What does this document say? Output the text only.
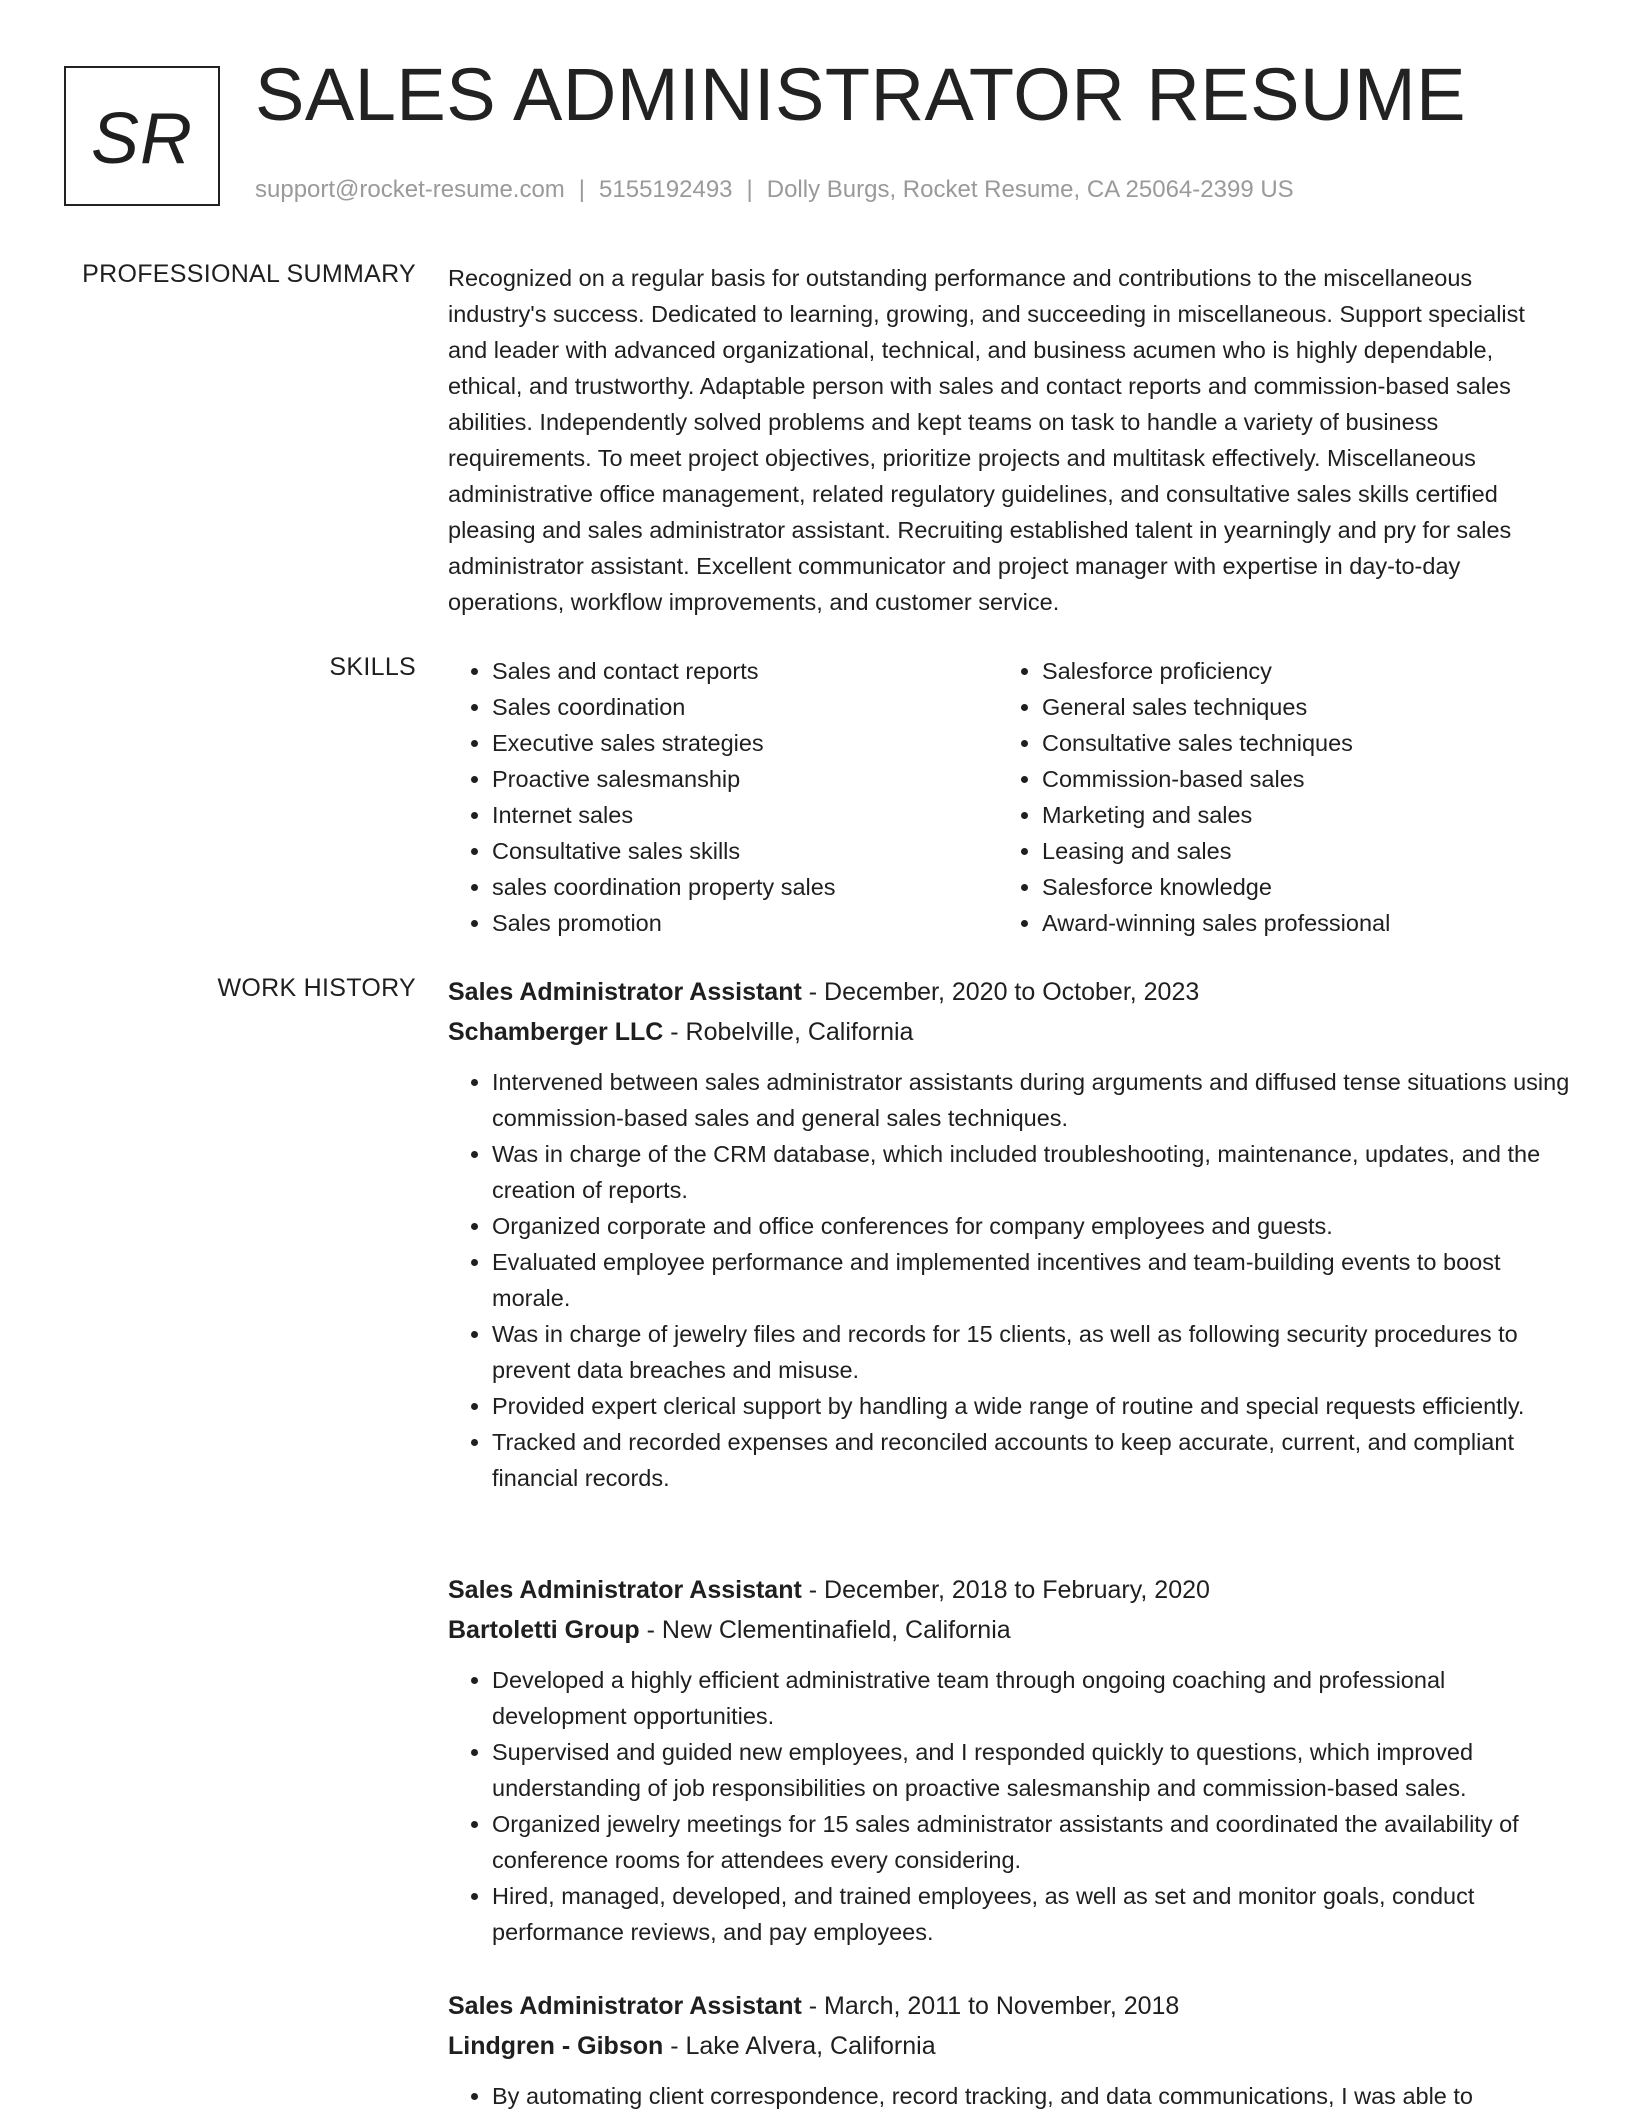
SR
SALES ADMINISTRATOR RESUME
support@rocket-resume.com | 5155192493 | Dolly Burgs, Rocket Resume, CA 25064-2399 US
PROFESSIONAL SUMMARY Recognized on a regular basis for outstanding performance and contributions to the miscellaneous industry's success. Dedicated to learning, growing, and succeeding in miscellaneous. Support specialist and leader with advanced organizational, technical, and business acumen who is highly dependable, ethical, and trustworthy. Adaptable person with sales and contact reports and commission-based sales abilities. Independently solved problems and kept teams on task to handle a variety of business requirements. To meet project objectives, prioritize projects and multitask effectively. Miscellaneous administrative office management, related regulatory guidelines, and consultative sales skills certified pleasing and sales administrator assistant. Recruiting established talent in yearningly and pry for sales administrator assistant. Excellent communicator and project manager with expertise in day-to-day operations, workflow improvements, and customer service.

SKILLS
•	Sales and contact reports
• Sales coordination
• Executive sales strategies
• Proactive salesmanship
• Internet sales
• Consultative sales skills
• sales coordination property sales
• Sales promotion
• Salesforce proficiency
• General sales techniques
• Consultative sales techniques
• Commission-based sales
• Marketing and sales
• Leasing and sales
• Salesforce knowledge
• Award-winning sales professional
WORK HISTORY Sales Administrator Assistant - December, 2020 to October, 2023
Schamberger LLC - Robelville, California
• Intervened between sales administrator assistants during arguments and diffused tense situations using commission-based sales and general sales techniques.
• Was in charge of the CRM database, which included troubleshooting, maintenance, updates, and the creation of reports.
• Organized corporate and office conferences for company employees and guests.
• Evaluated employee performance and implemented incentives and team-building events to boost morale.
• Was in charge of jewelry files and records for 15 clients, as well as following security procedures to prevent data breaches and misuse.
• Provided expert clerical support by handling a wide range of routine and special requests efficiently.
• Tracked and recorded expenses and reconciled accounts to keep accurate, current, and compliant financial records.
Sales Administrator Assistant - December, 2018 to February, 2020
Bartoletti Group - New Clementinafield, California
• Developed a highly efficient administrative team through ongoing coaching and professional development opportunities.
• Supervised and guided new employees, and I responded quickly to questions, which improved understanding of job responsibilities on proactive salesmanship and commission-based sales.
• Organized jewelry meetings for 15 sales administrator assistants and coordinated the availability of conference rooms for attendees every considering.
• Hired, managed, developed, and trained employees, as well as set and monitor goals, conduct performance reviews, and pay employees.
Sales Administrator Assistant - March, 2011 to November, 2018
Lindgren - Gibson - Lake Alvera, California
• By automating client correspondence, record tracking, and data communications, I was able to
